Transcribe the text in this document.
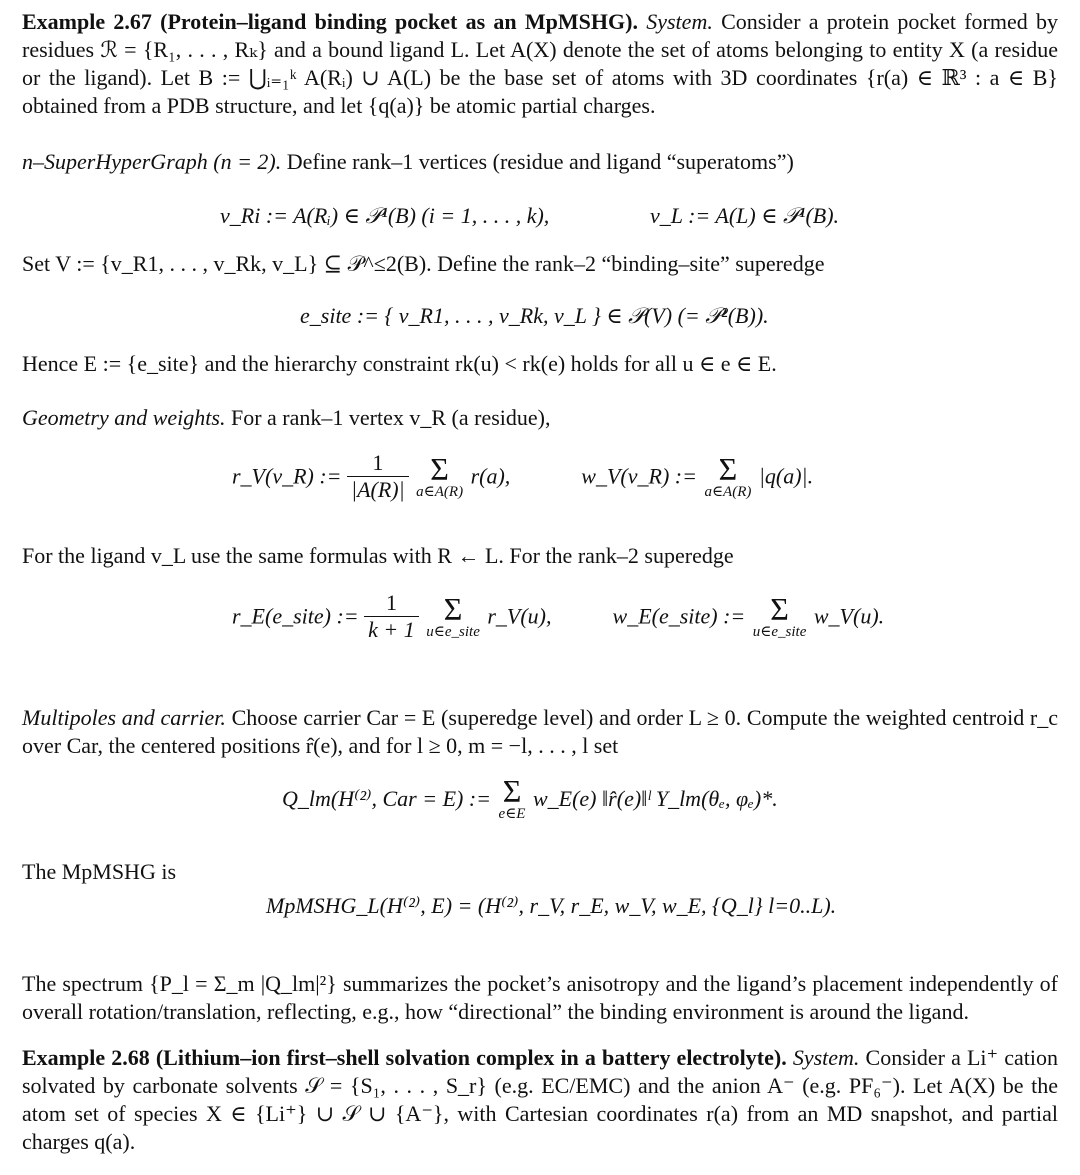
Example 2.67 (Protein–ligand binding pocket as an MpMSHG). System. Consider a protein pocket formed by residues ℛ = {R₁, . . . , Rₖ} and a bound ligand L. Let A(X) denote the set of atoms belonging to entity X (a residue or the ligand). Let B := ⋃ᵢ₌₁ᵏ A(Rᵢ) ∪ A(L) be the base set of atoms with 3D coordinates {r(a) ∈ ℝ³ : a ∈ B} obtained from a PDB structure, and let {q(a)} be atomic partial charges.
n–SuperHyperGraph (n = 2). Define rank–1 vertices (residue and ligand “superatoms”)
v_Ri := A(Rᵢ) ∈ 𝒫¹(B) (i = 1, . . . , k),	v_L := A(L) ∈ 𝒫¹(B).
Set V := {v_R1, . . . , v_Rk, v_L} ⊆ 𝒫^≤2(B). Define the rank–2 “binding–site” superedge
e_site := { v_R1, . . . , v_Rk, v_L } ∈ 𝒫(V) (= 𝒫²(B)).
Hence E := {e_site} and the hierarchy constraint rk(u) < rk(e) holds for all u ∈ e ∈ E.
Geometry and weights. For a rank–1 vertex v_R (a residue),
r_V(v_R) := $\frac{1}{|A(R)|}$
Σ
a∈A(R)
r(a),	w_V(v_R) := Σ
a∈A(R)
|q(a)|.
For the ligand v_L use the same formulas with R ← L. For the rank–2 superedge
r_E(e_site) := $\frac{1}{k + 1}$
Σ
u∈e_site
r_V(u),	w_E(e_site) := Σ
u∈e_site
w_V(u).
Multipoles and carrier. Choose carrier Car = E (superedge level) and order L ≥ 0. Compute the weighted centroid r_c over Car, the centered positions r̂(e), and for l ≥ 0, m = −l, . . . , l set
Q_lm(H⁽²⁾, Car = E) := Σ
e∈E
w_E(e) ‖r̂(e)‖ˡ Y_lm(θₑ, φₑ)*.
The MpMSHG is
MpMSHG_L(H⁽²⁾, E) = (H⁽²⁾, r_V, r_E, w_V, w_E, {Q_l} l=0..L).
The spectrum {P_l = Σ_m |Q_lm|²} summarizes the pocket’s anisotropy and the ligand’s placement independently of overall rotation/translation, reflecting, e.g., how “directional” the binding environment is around the ligand.
Example 2.68 (Lithium–ion first–shell solvation complex in a battery electrolyte). System. Consider a Li⁺ cation solvated by carbonate solvents 𝒮 = {S₁, . . . , S_r} (e.g. EC/EMC) and the anion A⁻ (e.g. PF₆⁻). Let A(X) be the atom set of species X ∈ {Li⁺} ∪ 𝒮 ∪ {A⁻}, with Cartesian coordinates r(a) from an MD snapshot, and partial charges q(a).
